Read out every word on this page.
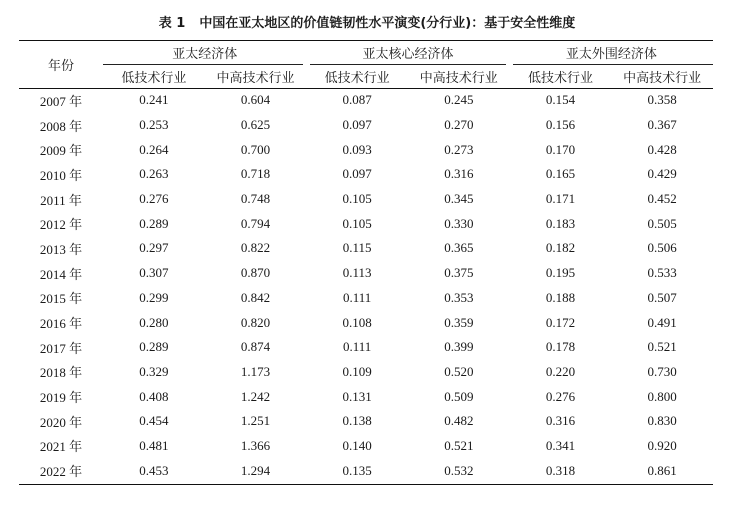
表 1 中国在亚太地区的价值链韧性水平演变(分行业)：基于安全性维度
年份	亚太经济体		亚太核心经济体		亚太外围经济体	
	低技术行业	中高技术行业	低技术行业	中高技术行业	低技术行业	中高技术行业
2007 年	0.241	0.604	0.087	0.245	0.154	0.358
2008 年	0.253	0.625	0.097	0.270	0.156	0.367
2009 年	0.264	0.700	0.093	0.273	0.170	0.428
2010 年	0.263	0.718	0.097	0.316	0.165	0.429
2011 年	0.276	0.748	0.105	0.345	0.171	0.452
2012 年	0.289	0.794	0.105	0.330	0.183	0.505
2013 年	0.297	0.822	0.115	0.365	0.182	0.506
2014 年	0.307	0.870	0.113	0.375	0.195	0.533
2015 年	0.299	0.842	0.111	0.353	0.188	0.507
2016 年	0.280	0.820	0.108	0.359	0.172	0.491
2017 年	0.289	0.874	0.111	0.399	0.178	0.521
2018 年	0.329	1.173	0.109	0.520	0.220	0.730
2019 年	0.408	1.242	0.131	0.509	0.276	0.800
2020 年	0.454	1.251	0.138	0.482	0.316	0.830
2021 年	0.481	1.366	0.140	0.521	0.341	0.920
2022 年	0.453	1.294	0.135	0.532	0.318	0.861
